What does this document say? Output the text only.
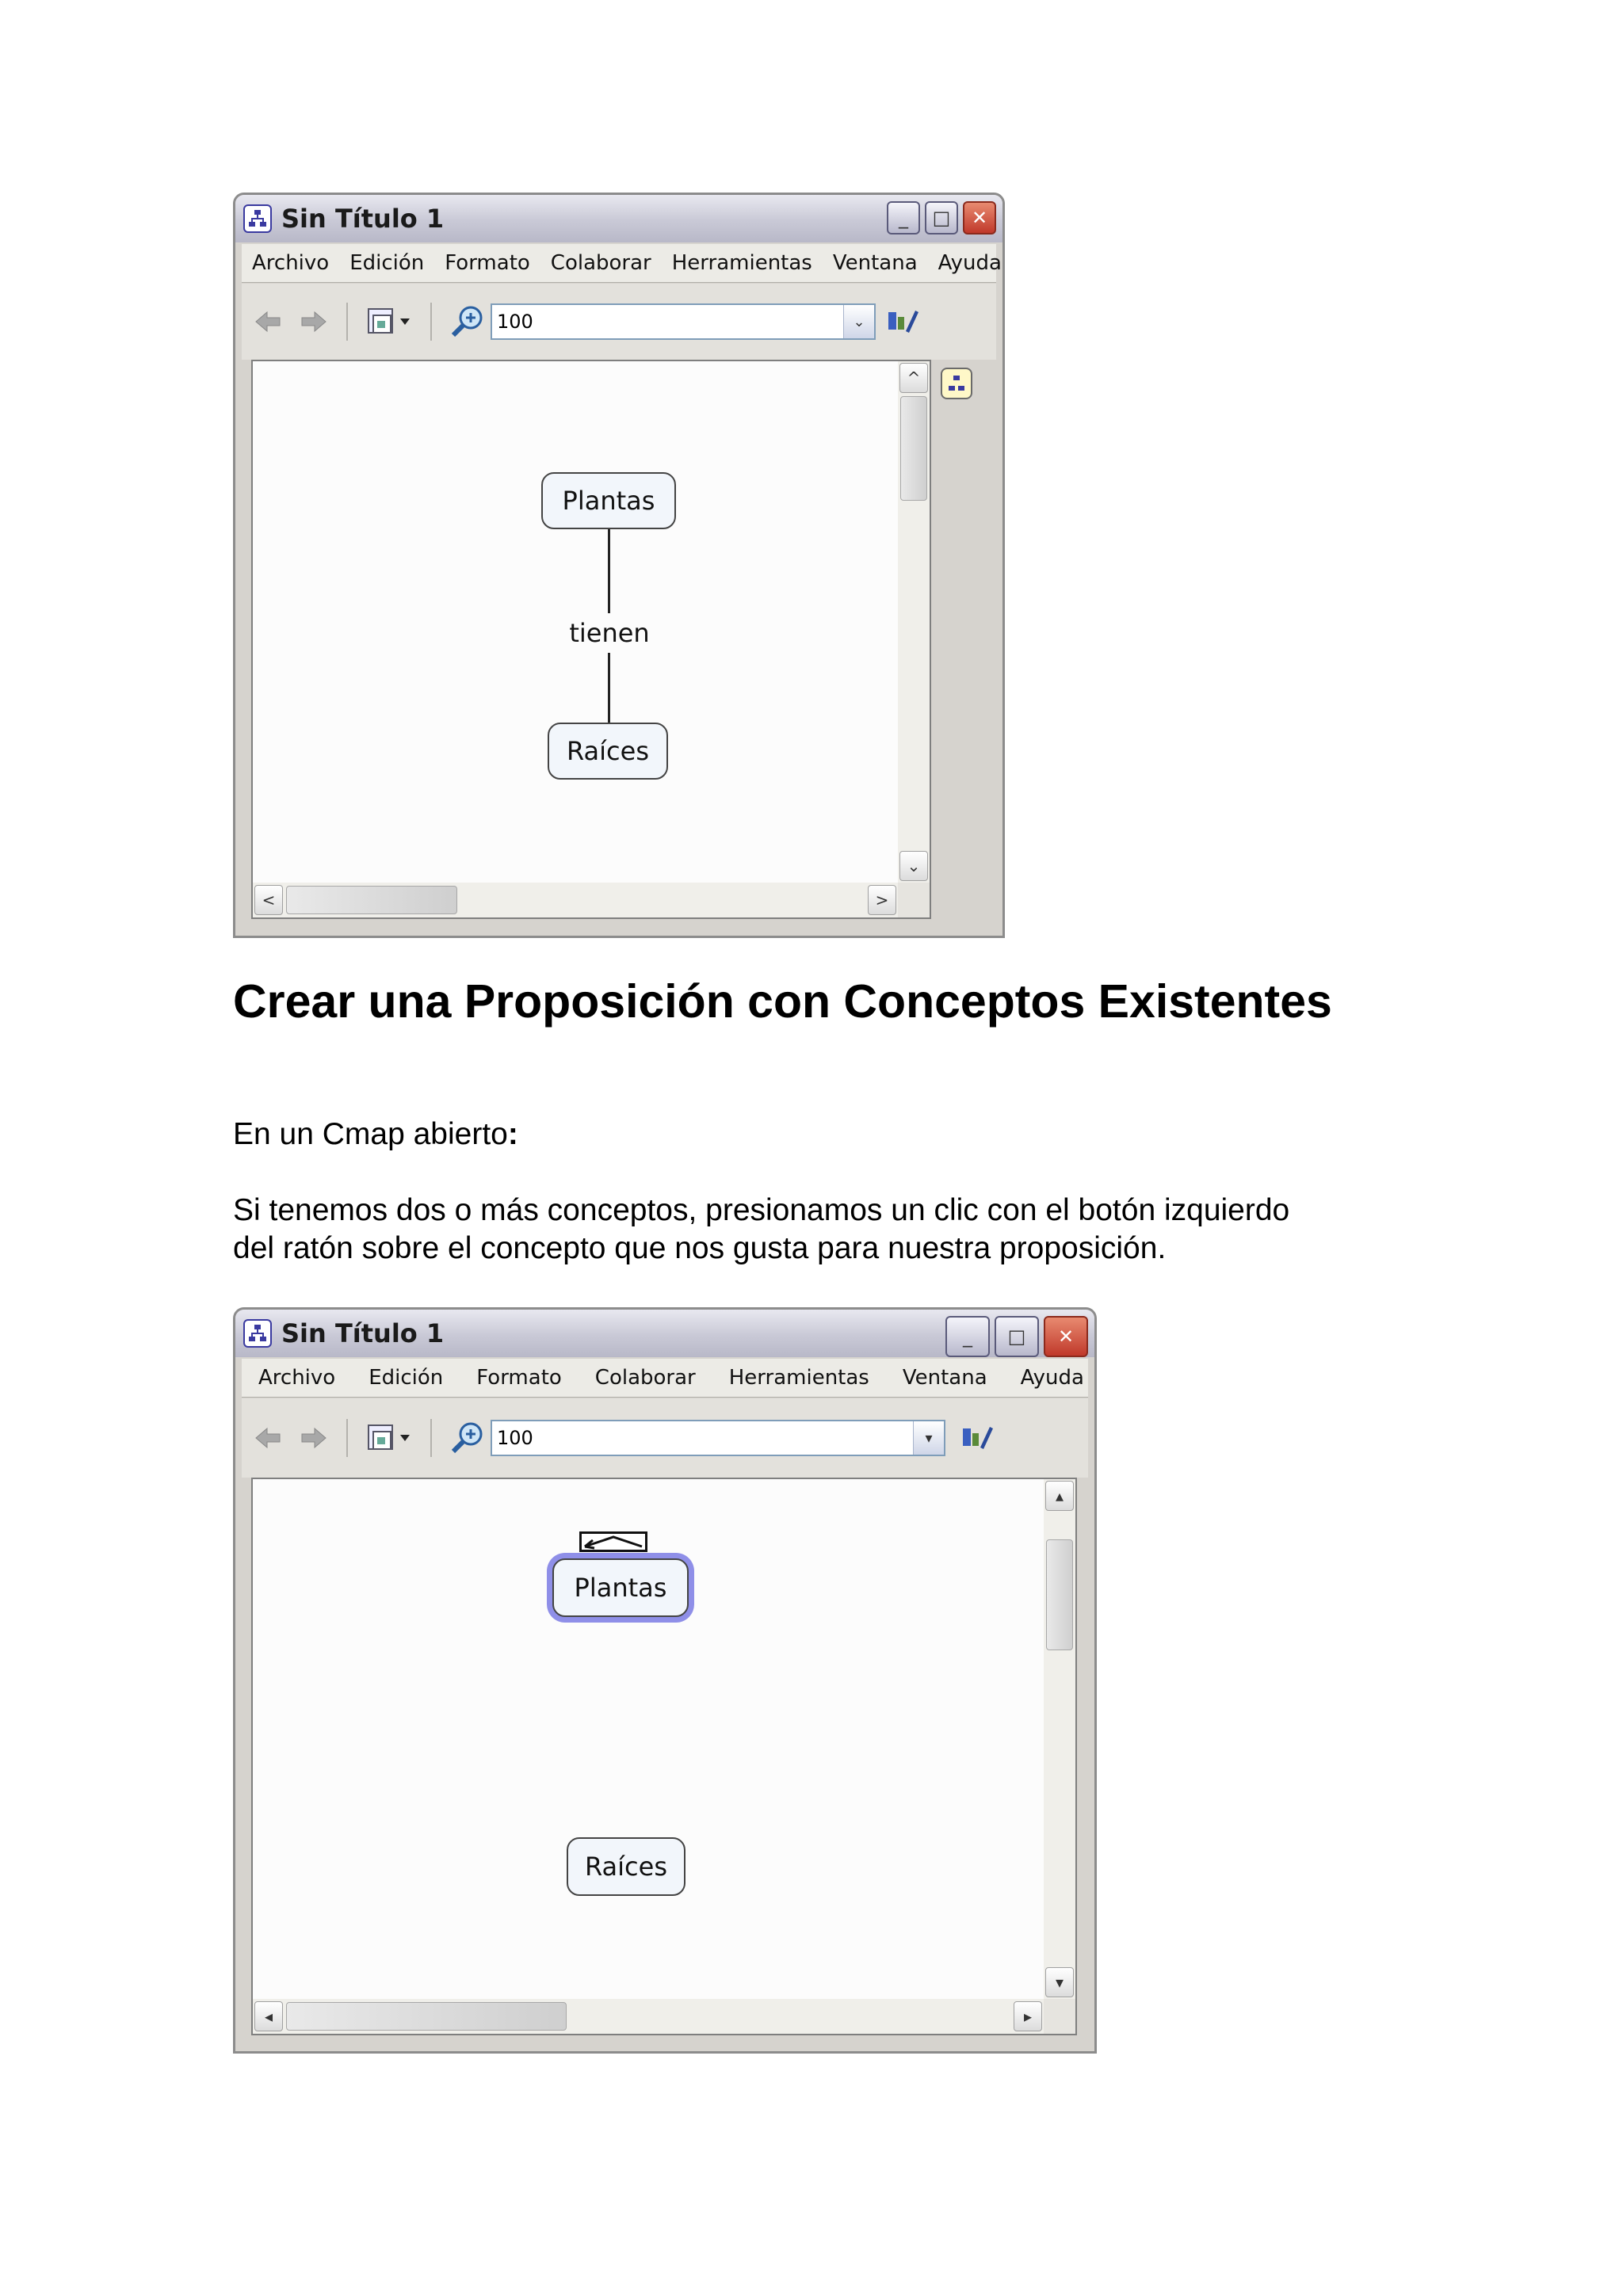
Sin Título 1	_	□	✕
Archivo	Edición	Formato	Colaborar	Herramientas	Ventana	Ayuda
100	⌄
Plantas
tienen
Raíces
^
⌄
<	>
Crear una Proposición con Conceptos Existentes

En un Cmap abierto:

Si tenemos dos o más conceptos, presionamos un clic con el botón izquierdo
del ratón sobre el concepto que nos gusta para nuestra proposición.

Sin Título 1	_	□	✕
Archivo	Edición	Formato	Colaborar	Herramientas	Ventana	Ayuda
100	▾
Plantas
Raíces
▴
▾
◂	▸
